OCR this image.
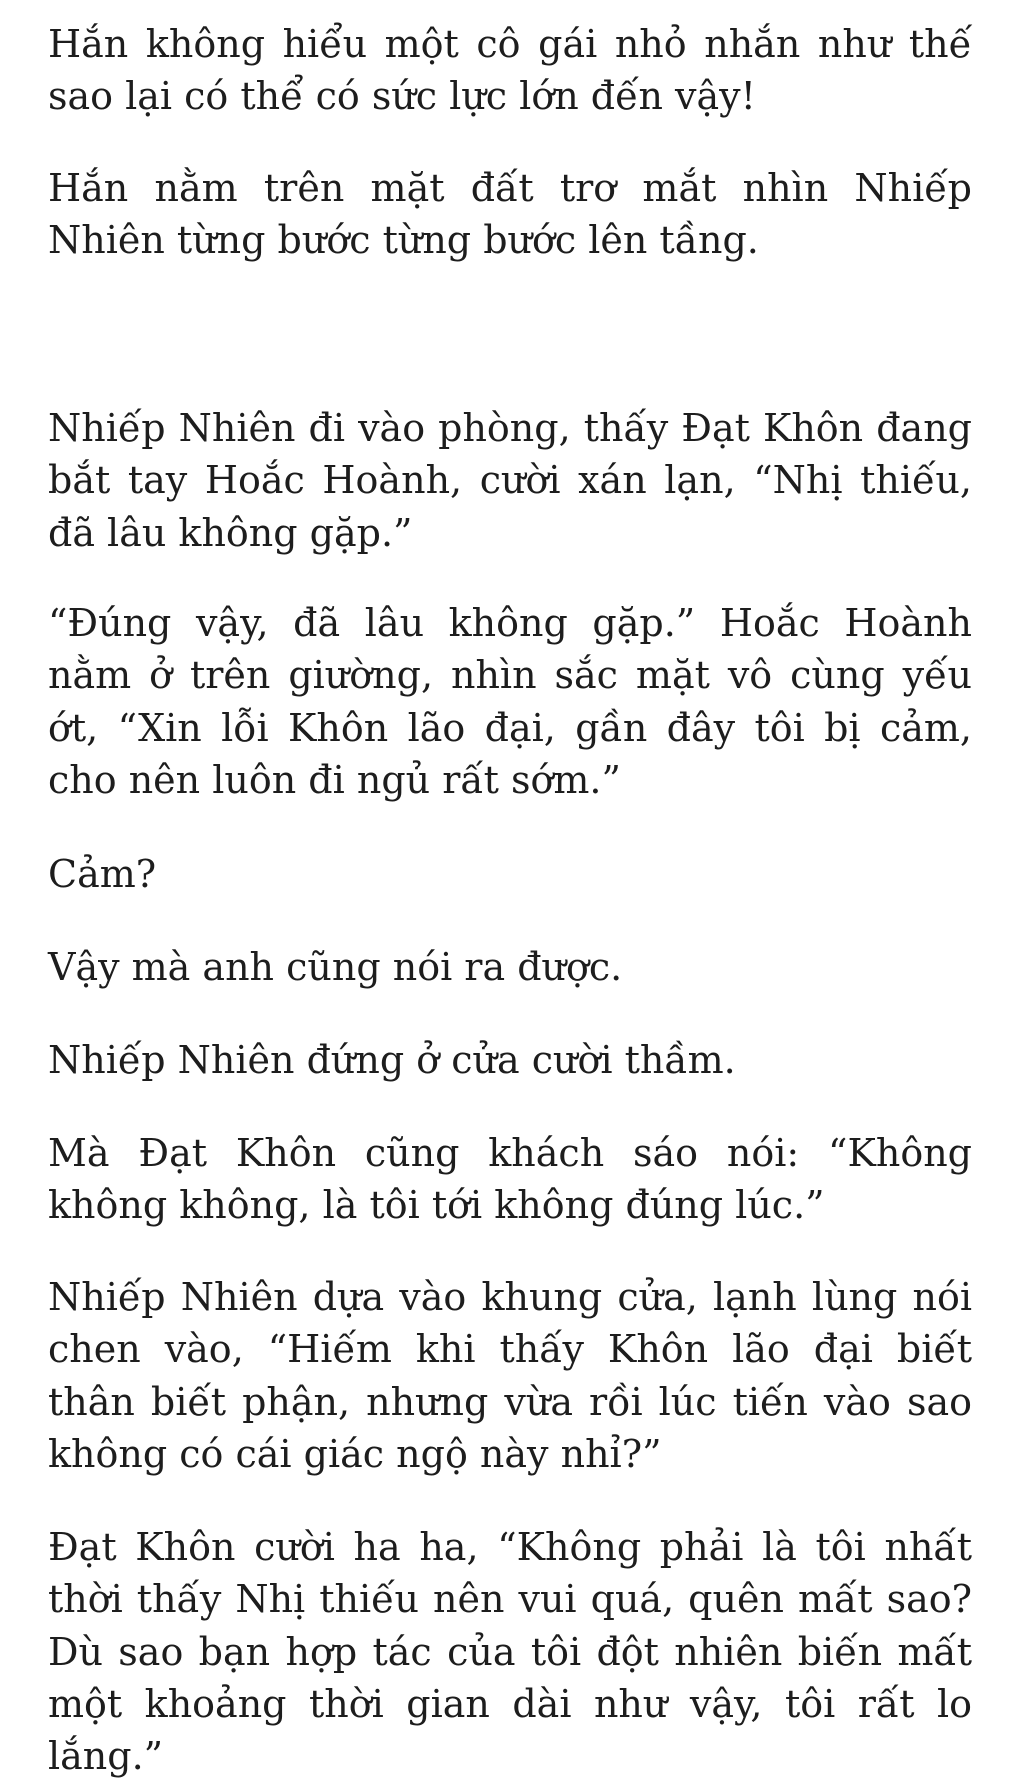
Hắn không hiểu một cô gái nhỏ nhắn như thế sao lại có thể có sức lực lớn đến vậy!

Hắn nằm trên mặt đất trơ mắt nhìn Nhiếp Nhiên từng bước từng bước lên tầng.

Nhiếp Nhiên đi vào phòng, thấy Đạt Khôn đang bắt tay Hoắc Hoành, cười xán lạn, “Nhị thiếu, đã lâu không gặp.”

“Đúng vậy, đã lâu không gặp.” Hoắc Hoành nằm ở trên giường, nhìn sắc mặt vô cùng yếu ớt, “Xin lỗi Khôn lão đại, gần đây tôi bị cảm, cho nên luôn đi ngủ rất sớm.”

Cảm?

Vậy mà anh cũng nói ra được.

Nhiếp Nhiên đứng ở cửa cười thầm.

Mà Đạt Khôn cũng khách sáo nói: “Không không không, là tôi tới không đúng lúc.”

Nhiếp Nhiên dựa vào khung cửa, lạnh lùng nói chen vào, “Hiếm khi thấy Khôn lão đại biết thân biết phận, nhưng vừa rồi lúc tiến vào sao không có cái giác ngộ này nhỉ?”

Đạt Khôn cười ha ha, “Không phải là tôi nhất thời thấy Nhị thiếu nên vui quá, quên mất sao? Dù sao bạn hợp tác của tôi đột nhiên biến mất một khoảng thời gian dài như vậy, tôi rất lo lắng.”
